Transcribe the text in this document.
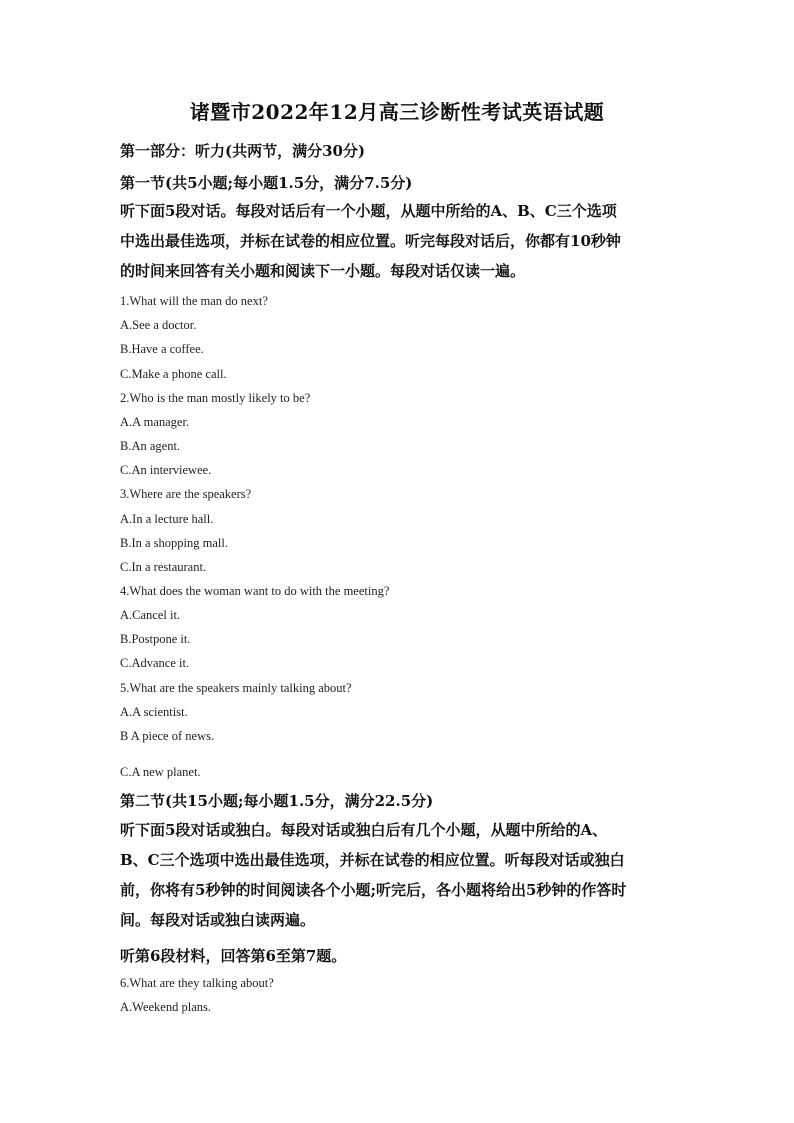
诸暨市2022年12月高三诊断性考试英语试题
第一部分：听力(共两节，满分30分)
第一节(共5小题;每小题1.5分，满分7.5分)
听下面5段对话。每段对话后有一个小题，从题中所给的A、B、C三个选项
中选出最佳选项，并标在试卷的相应位置。听完每段对话后，你都有10秒钟
的时间来回答有关小题和阅读下一小题。每段对话仅读一遍。
1.What will the man do next?
A.See a doctor.
B.Have a coffee.
C.Make a phone call.
2.Who is the man mostly likely to be?
A.A manager.
B.An agent.
C.An interviewee.
3.Where are the speakers?
A.In a lecture hall.
B.In a shopping mall.
C.In a restaurant.
4.What does the woman want to do with the meeting?
A.Cancel it.
B.Postpone it.
C.Advance it.
5.What are the speakers mainly talking about?
A.A scientist.
B A piece of news.
C.A new planet.
第二节(共15小题;每小题1.5分，满分22.5分)
听下面5段对话或独白。每段对话或独白后有几个小题，从题中所给的A、
B、C三个选项中选出最佳选项，并标在试卷的相应位置。听每段对话或独白
前，你将有5秒钟的时间阅读各个小题;听完后，各小题将给出5秒钟的作答时
间。每段对话或独白读两遍。
听第6段材料，回答第6至第7题。
6.What are they talking about?
A.Weekend plans.
